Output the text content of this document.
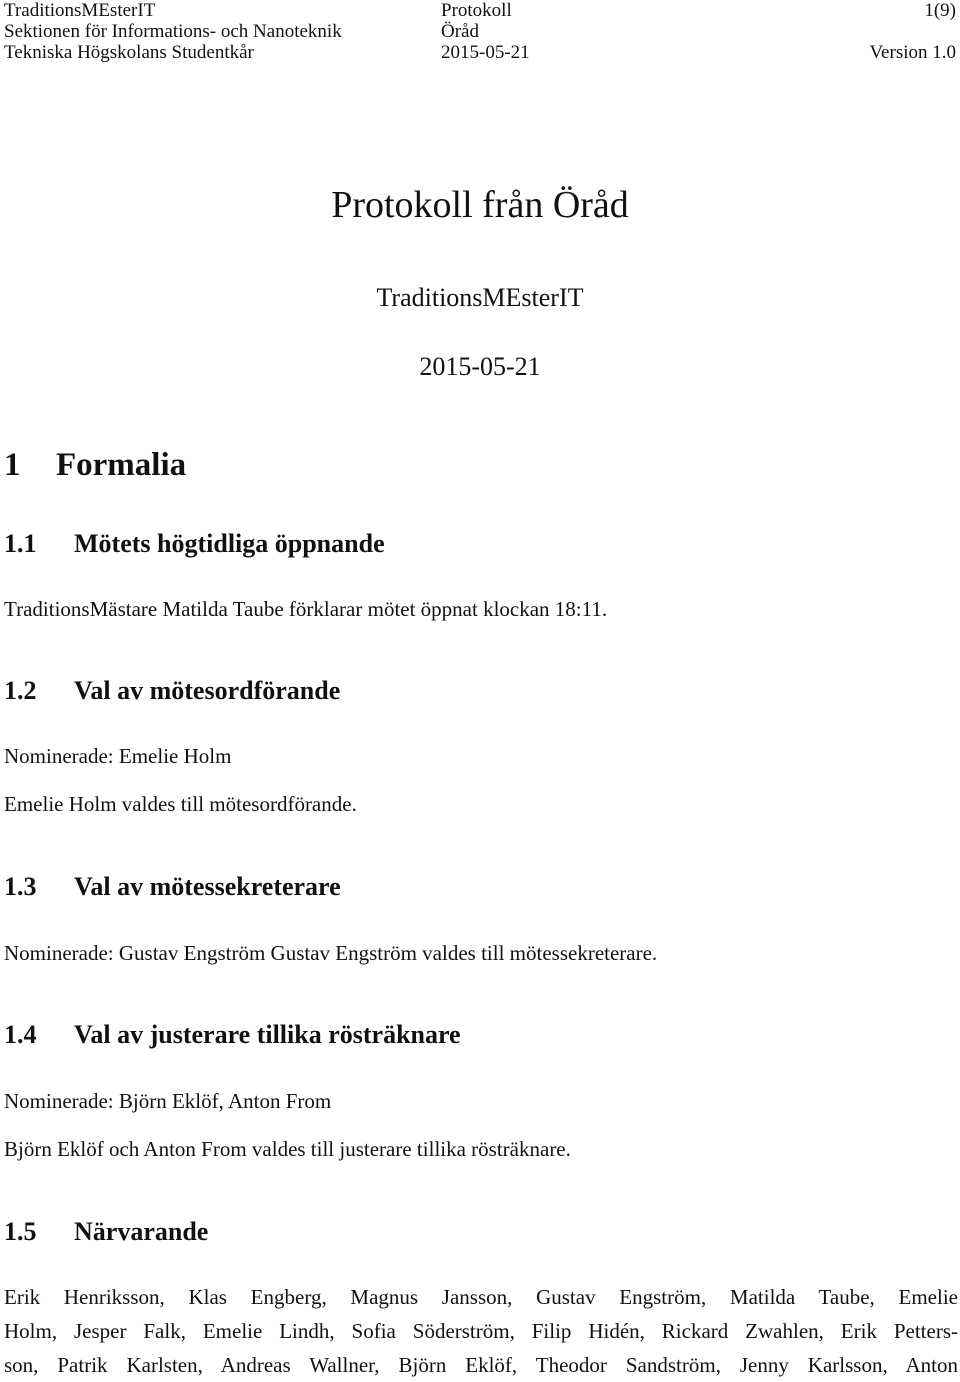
TraditionsMEsterIT	Protokoll	1(9)
Sektionen för Informations- och Nanoteknik	Öråd
Tekniska Högskolans Studentkår	2015-05-21	Version 1.0
Protokoll från Öråd
TraditionsMEsterIT
2015-05-21
1 Formalia
1.1 Mötets högtidliga öppnande
TraditionsMästare Matilda Taube förklarar mötet öppnat klockan 18:11.
1.2 Val av mötesordförande
Nominerade: Emelie Holm
Emelie Holm valdes till mötesordförande.
1.3 Val av mötessekreterare
Nominerade: Gustav Engström Gustav Engström valdes till mötessekreterare.
1.4 Val av justerare tillika rösträknare
Nominerade: Björn Eklöf, Anton From
Björn Eklöf och Anton From valdes till justerare tillika rösträknare.
1.5 Närvarande
Erik Henriksson, Klas Engberg, Magnus Jansson, Gustav Engström, Matilda Taube, Emelie
Holm, Jesper Falk, Emelie Lindh, Sofia Söderström, Filip Hidén, Rickard Zwahlen, Erik Petters-
son, Patrik Karlsten, Andreas Wallner, Björn Eklöf, Theodor Sandström, Jenny Karlsson, Anton
